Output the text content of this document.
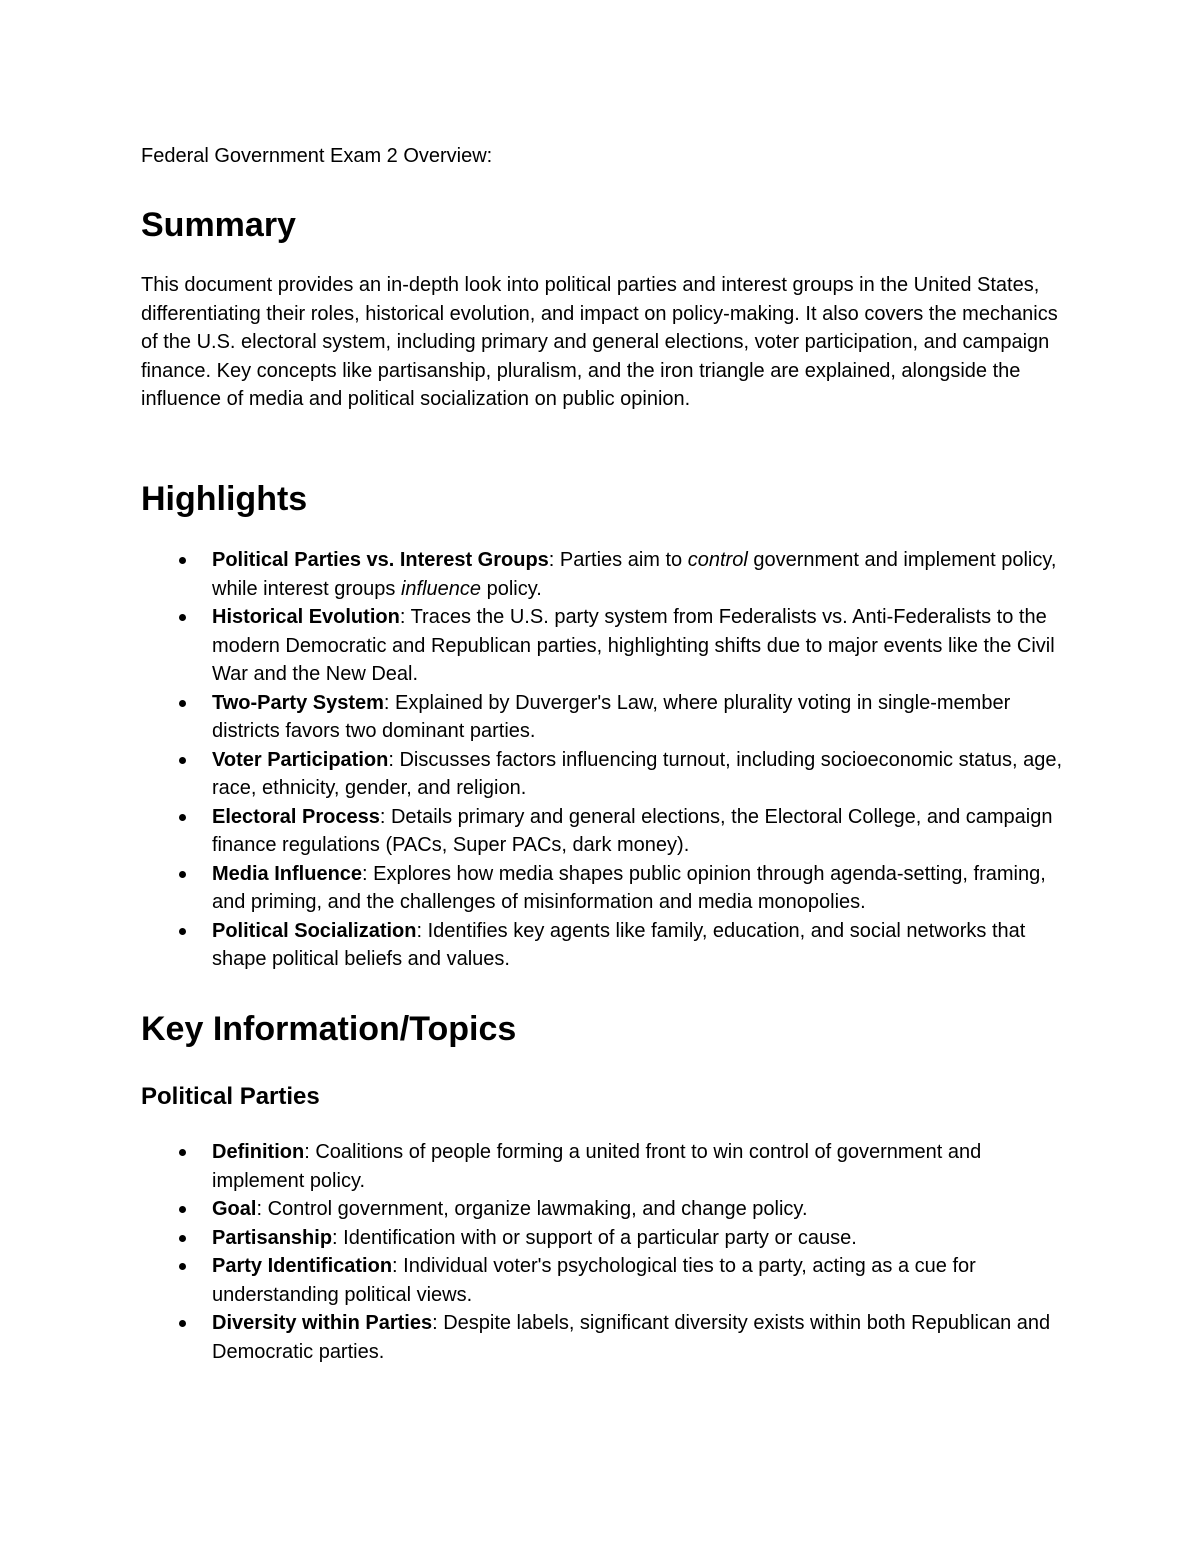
Federal Government Exam 2 Overview:
Summary

This document provides an in-depth look into political parties and interest groups in the United States, differentiating their roles, historical evolution, and impact on policy-making. It also covers the mechanics of the U.S. electoral system, including primary and general elections, voter participation, and campaign finance. Key concepts like partisanship, pluralism, and the iron triangle are explained, alongside the influence of media and political socialization on public opinion.

Highlights
Political Parties vs. Interest Groups: Parties aim to control government and implement policy, while interest groups influence policy.
Historical Evolution: Traces the U.S. party system from Federalists vs. Anti-Federalists to the modern Democratic and Republican parties, highlighting shifts due to major events like the Civil War and the New Deal.
Two-Party System: Explained by Duverger's Law, where plurality voting in single-member districts favors two dominant parties.
Voter Participation: Discusses factors influencing turnout, including socioeconomic status, age, race, ethnicity, gender, and religion.
Electoral Process: Details primary and general elections, the Electoral College, and campaign finance regulations (PACs, Super PACs, dark money).
Media Influence: Explores how media shapes public opinion through agenda-setting, framing, and priming, and the challenges of misinformation and media monopolies.
Political Socialization: Identifies key agents like family, education, and social networks that shape political beliefs and values.
Key Information/Topics
Political Parties
Definition: Coalitions of people forming a united front to win control of government and implement policy.
Goal: Control government, organize lawmaking, and change policy.
Partisanship: Identification with or support of a particular party or cause.
Party Identification: Individual voter's psychological ties to a party, acting as a cue for understanding political views.
Diversity within Parties: Despite labels, significant diversity exists within both Republican and Democratic parties.
